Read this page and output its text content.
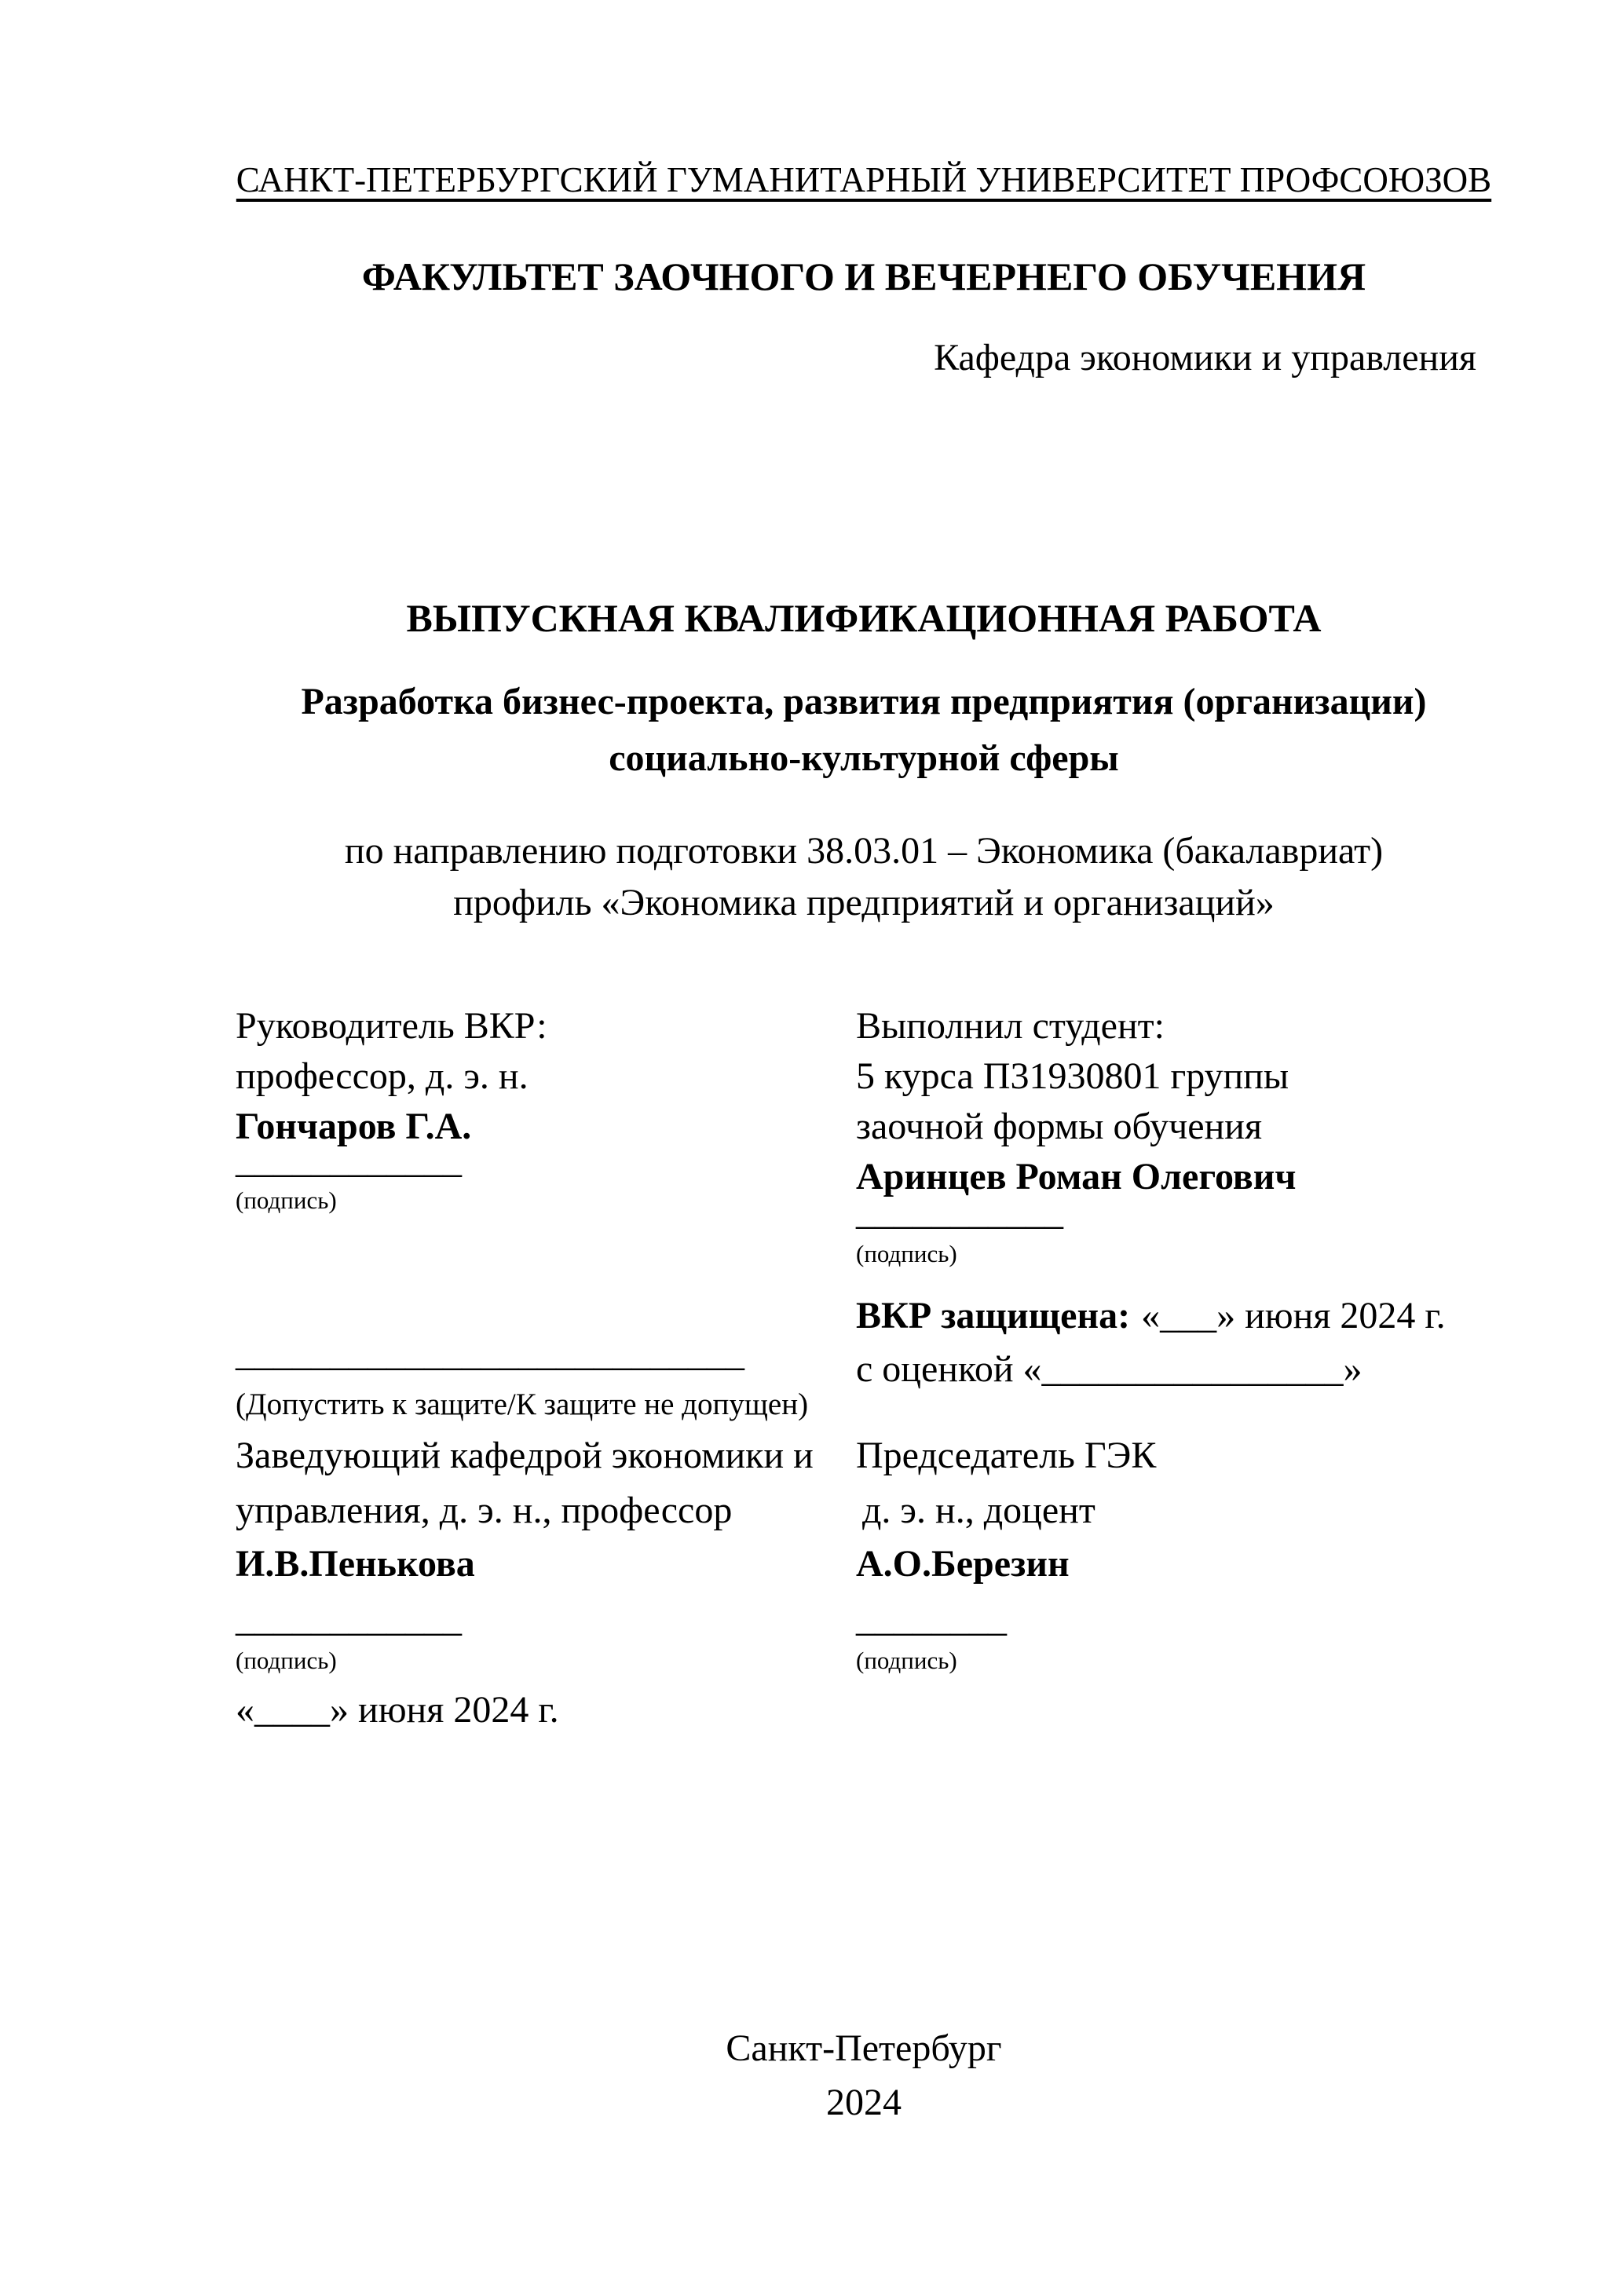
САНКТ-ПЕТЕРБУРГСКИЙ ГУМАНИТАРНЫЙ УНИВЕРСИТЕТ ПРОФСОЮЗОВ
ФАКУЛЬТЕТ ЗАОЧНОГО И ВЕЧЕРНЕГО ОБУЧЕНИЯ
Кафедра экономики и управления
ВЫПУСКНАЯ КВАЛИФИКАЦИОННАЯ РАБОТА
Разработка бизнес-проекта, развития предприятия (организации)
социально-культурной сферы
по направлению подготовки 38.03.01 – Экономика (бакалавриат)
профиль «Экономика предприятий и организаций»
Руководитель ВКР:
профессор, д. э. н.
Гончаров Г.А.
____________
(подпись)
Выполнил студент:
5 курса П31930801 группы
заочной формы обучения
Аринцев Роман Олегович
___________
(подпись)
___________________________
(Допустить к защите/К защите не допущен)
ВКР защищена: «___» июня 2024 г.
с оценкой «________________»
Заведующий кафедрой экономики и
управления, д. э. н., профессор
И.В.Пенькова
____________
(подпись)
«____» июня 2024 г.
Председатель ГЭК
д. э. н., доцент
А.О.Березин
________
(подпись)
Санкт-Петербург
2024
